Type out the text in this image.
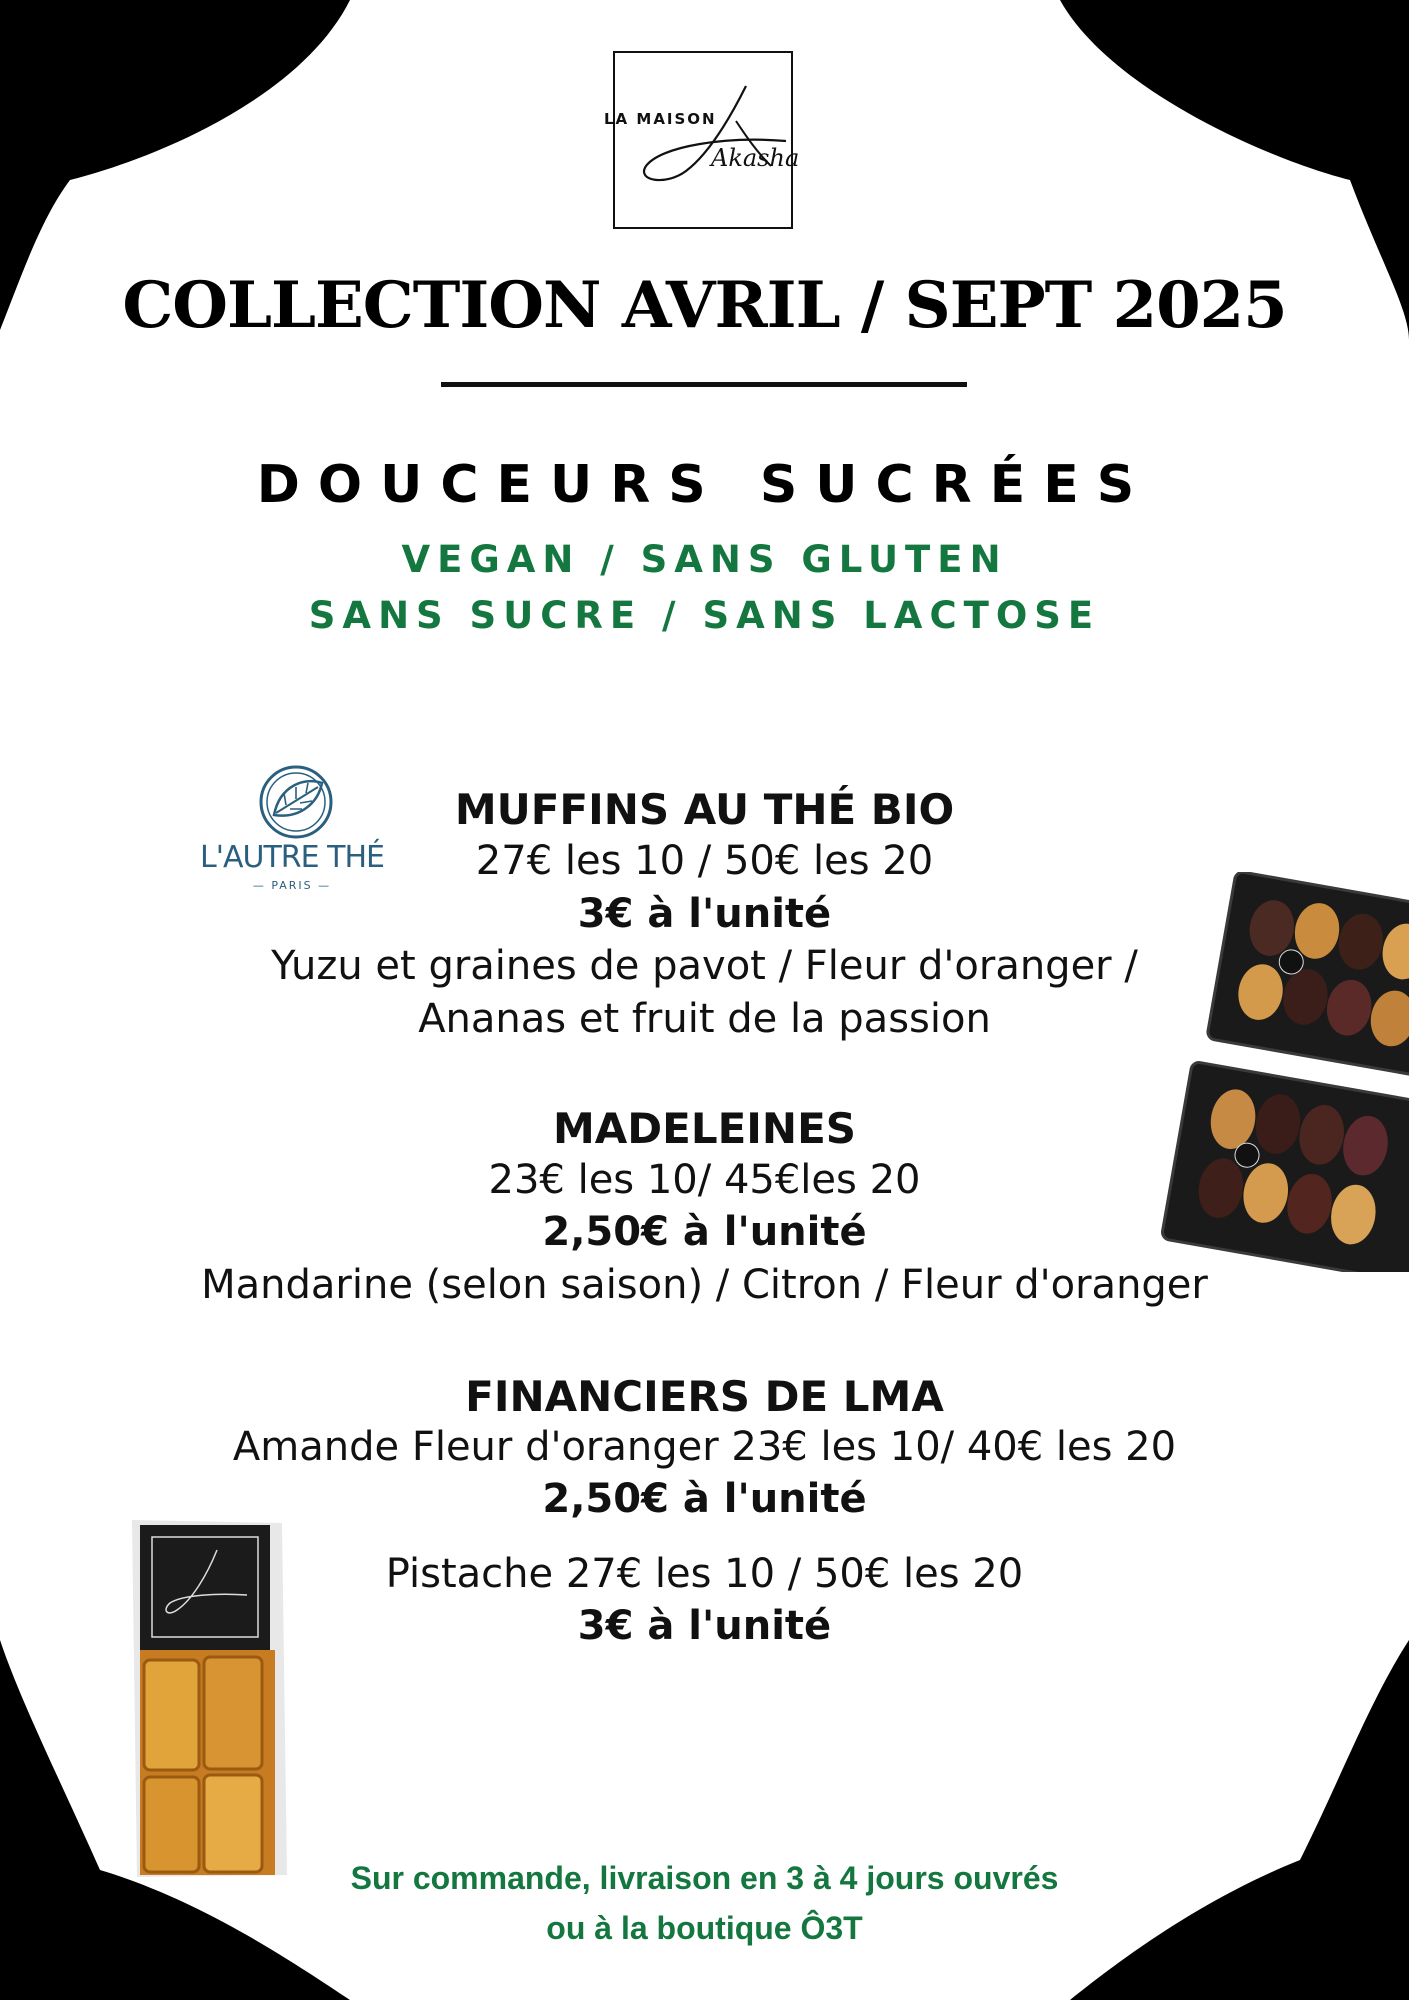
LA MAISON
Akasha
COLLECTION AVRIL / SEPT 2025
DOUCEURS SUCRÉES
VEGAN / SANS GLUTEN
SANS SUCRE / SANS LACTOSE
L'AUTRE THÉ
— PARIS —
MUFFINS AU THÉ BIO
27€ les 10 / 50€ les 20
3€ à l'unité
Yuzu et graines de pavot / Fleur d'oranger /
Ananas et fruit de la passion
MADELEINES
23€ les 10/ 45€les 20
2,50€ à l'unité
Mandarine (selon saison) / Citron / Fleur d'oranger
FINANCIERS DE LMA
Amande Fleur d'oranger 23€ les 10/ 40€ les 20
2,50€ à l'unité
Pistache 27€ les 10 / 50€ les 20
3€ à l'unité
Sur commande, livraison en 3 à 4 jours ouvrés
ou à la boutique Ô3T
